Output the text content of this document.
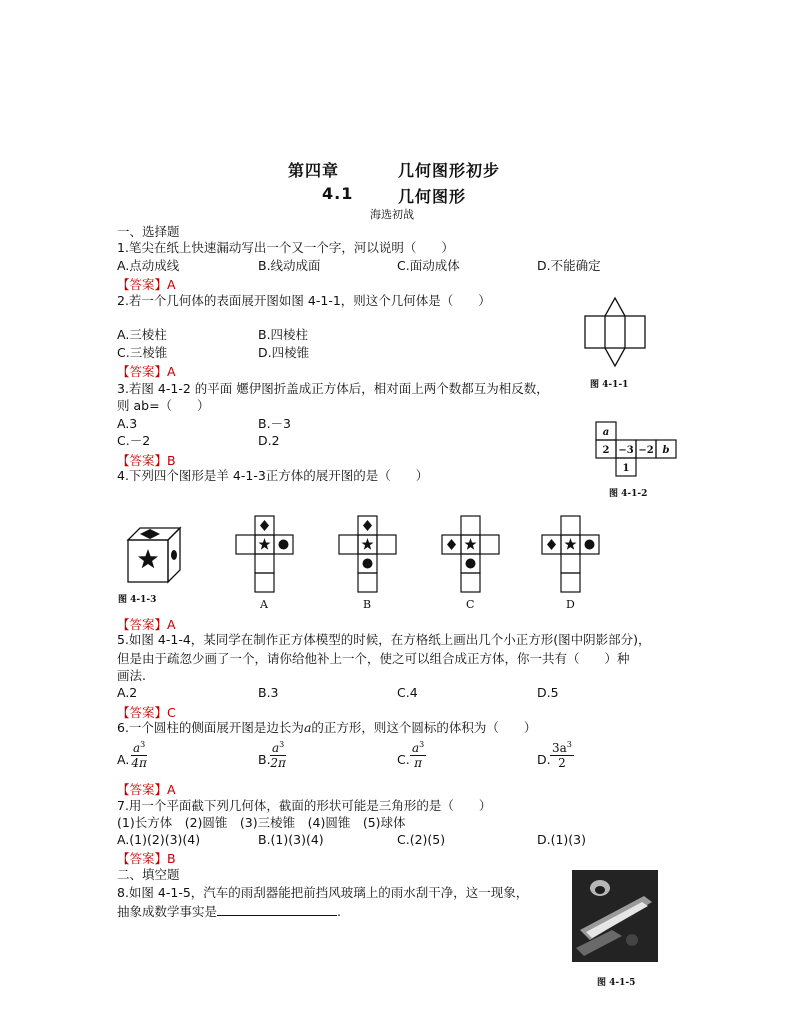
第四章	几何图形初步
4.1	几何图形
海选初战
一、选择题
1.笔尖在纸上快速漏动写出一个又一个字，河以说明（　　）
A.点动成线	B.线动成面	C.面动成体	D.不能确定
【答案】A
2.若一个几何体的表面展开图如图 4-1-1，则这个几何体是（　　）
A.三棱柱	B.四棱柱
C.三棱锥	D.四棱锥
【答案】A
图 4-1-1
3.若图 4-1-2 的平面 嬺伊图折盖成正方体后，相对面上两个数都互为相反数，
则 ab=（　　）
A.3	B.－3
C.－2	D.2
【答案】B
a
2 −3 −2 b
1
图 4-1-2
4.下列四个图形是羊 4-1-3正方体的展开图的是（　　）
图 4-1-3	A	B	C	D
【答案】A
5.如图 4-1-4，某同学在制作正方体模型的时候，在方格纸上画出几个小正方形(图中阴影部分)，
但是由于疏忽少画了一个，请你给他补上一个，使之可以组合成正方体，你一共有（　　）种
画法.
A.2	B.3	C.4	D.5
【答案】C
6.一个圆柱的侧面展开图是边长为a的正方形，则这个圆标的体积为（　　）
A. $\frac{a^3}{4\pi}$	B. $\frac{a^3}{2\pi}$	C. $\frac{a^3}{\pi}$	D. $\frac{3a^3}{2}$
【答案】A
7.用一个平面截下列几何体，截面的形状可能是三角形的是（　　）
(1)长方体　(2)圆锥　(3)三棱锥　(4)圆锥　(5)球体
A.(1)(2)(3)(4)	B.(1)(3)(4)	C.(2)(5)	D.(1)(3)
【答案】B
二、填空题
8.如图 4-1-5，汽车的雨刮器能把前挡风玻璃上的雨水刮干净，这一现象，
抽象成数学事实是	.
图 4-1-5
